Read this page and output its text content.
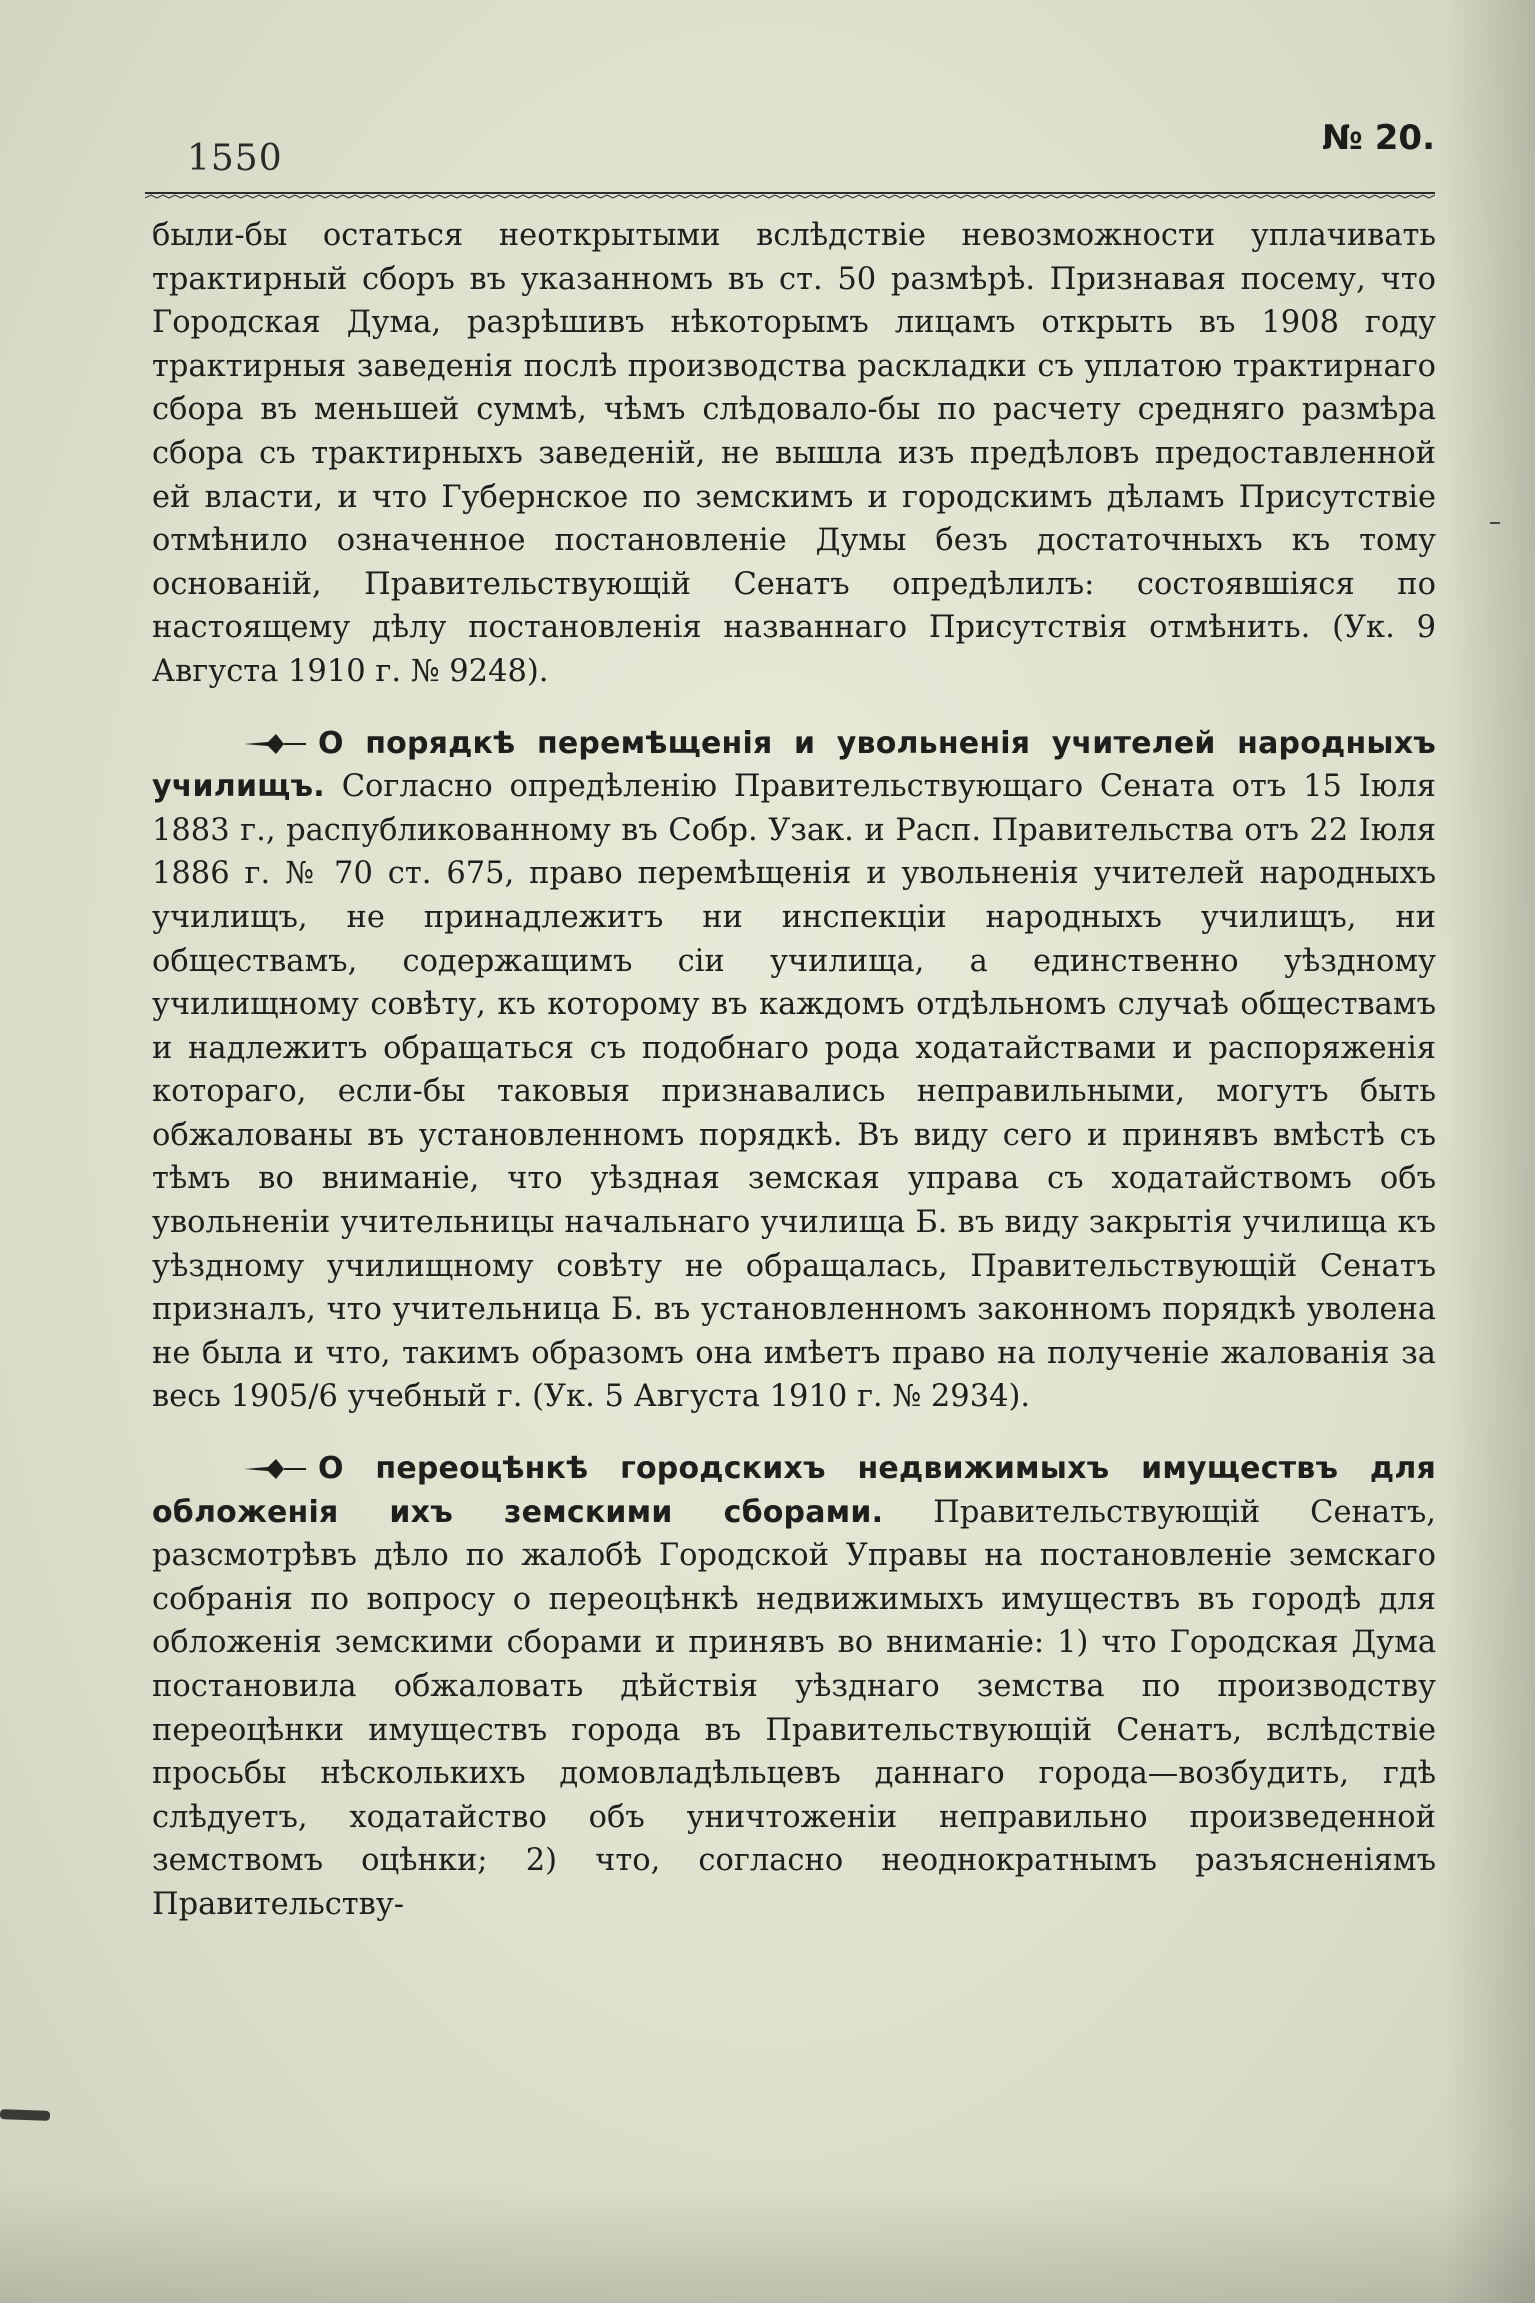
1550	№ 20.

были-бы остаться неоткрытыми вслѣдствіе невозможности уплачивать трактирный сборъ въ указанномъ въ ст. 50 размѣрѣ. Признавая посему, что Городская Дума, разрѣшивъ нѣкоторымъ лицамъ открыть въ 1908 году трактирныя заведенія послѣ производства раскладки съ уплатою трактирнаго сбора въ меньшей суммѣ, чѣмъ слѣдовало-бы по расчету средняго размѣра сбора съ трактирныхъ заведеній, не вышла изъ предѣловъ предоставленной ей власти, и что Губернское по земскимъ и городскимъ дѣламъ Присутствіе отмѣнило означенное постановленіе Думы безъ достаточныхъ къ тому основаній, Правительствующій Сенатъ опредѣлилъ: состоявшіяся по настоящему дѣлу постановленія названнаго Присутствія отмѣнить. (Ук. 9 Августа 1910 г. № 9248).

О порядкѣ перемѣщенія и увольненія учителей народныхъ училищъ. Согласно опредѣленію Правительствующаго Сената отъ 15 Іюля 1883 г., распубликованному въ Собр. Узак. и Расп. Правительства отъ 22 Іюля 1886 г. № 70 ст. 675, право перемѣщенія и увольненія учителей народныхъ училищъ, не принадлежитъ ни инспекціи народныхъ училищъ, ни обществамъ, содержащимъ сіи училища, а единственно уѣздному училищному совѣту, къ которому въ каждомъ отдѣльномъ случаѣ обществамъ и надлежитъ обращаться съ подобнаго рода ходатайствами и распоряженія котораго, если-бы таковыя признавались неправильными, могутъ быть обжалованы въ установленномъ порядкѣ. Въ виду сего и принявъ вмѣстѣ съ тѣмъ во вниманіе, что уѣздная земская управа съ ходатайствомъ объ увольненіи учительницы начальнаго училища Б. въ виду закрытія училища къ уѣздному училищному совѣту не обращалась, Правительствующій Сенатъ призналъ, что учительница Б. въ установленномъ законномъ порядкѣ уволена не была и что, такимъ образомъ она имѣетъ право на полученіе жалованія за весь 1905/6 учебный г. (Ук. 5 Августа 1910 г. № 2934).

О переоцѣнкѣ городскихъ недвижимыхъ имуществъ для обложенія ихъ земскими сборами. Правительствующій Сенатъ, разсмотрѣвъ дѣло по жалобѣ Городской Управы на постановленіе земскаго собранія по вопросу о переоцѣнкѣ недвижимыхъ имуществъ въ городѣ для обложенія земскими сборами и принявъ во вниманіе: 1) что Городская Дума постановила обжаловать дѣйствія уѣзднаго земства по производству переоцѣнки имуществъ города въ Правительствующій Сенатъ, вслѣдствіе просьбы нѣсколькихъ домовладѣльцевъ даннаго города—возбудить, гдѣ слѣдуетъ, ходатайство объ уничтоженіи неправильно произведенной земствомъ оцѣнки; 2) что, согласно неоднократнымъ разъясненіямъ Правительству-
